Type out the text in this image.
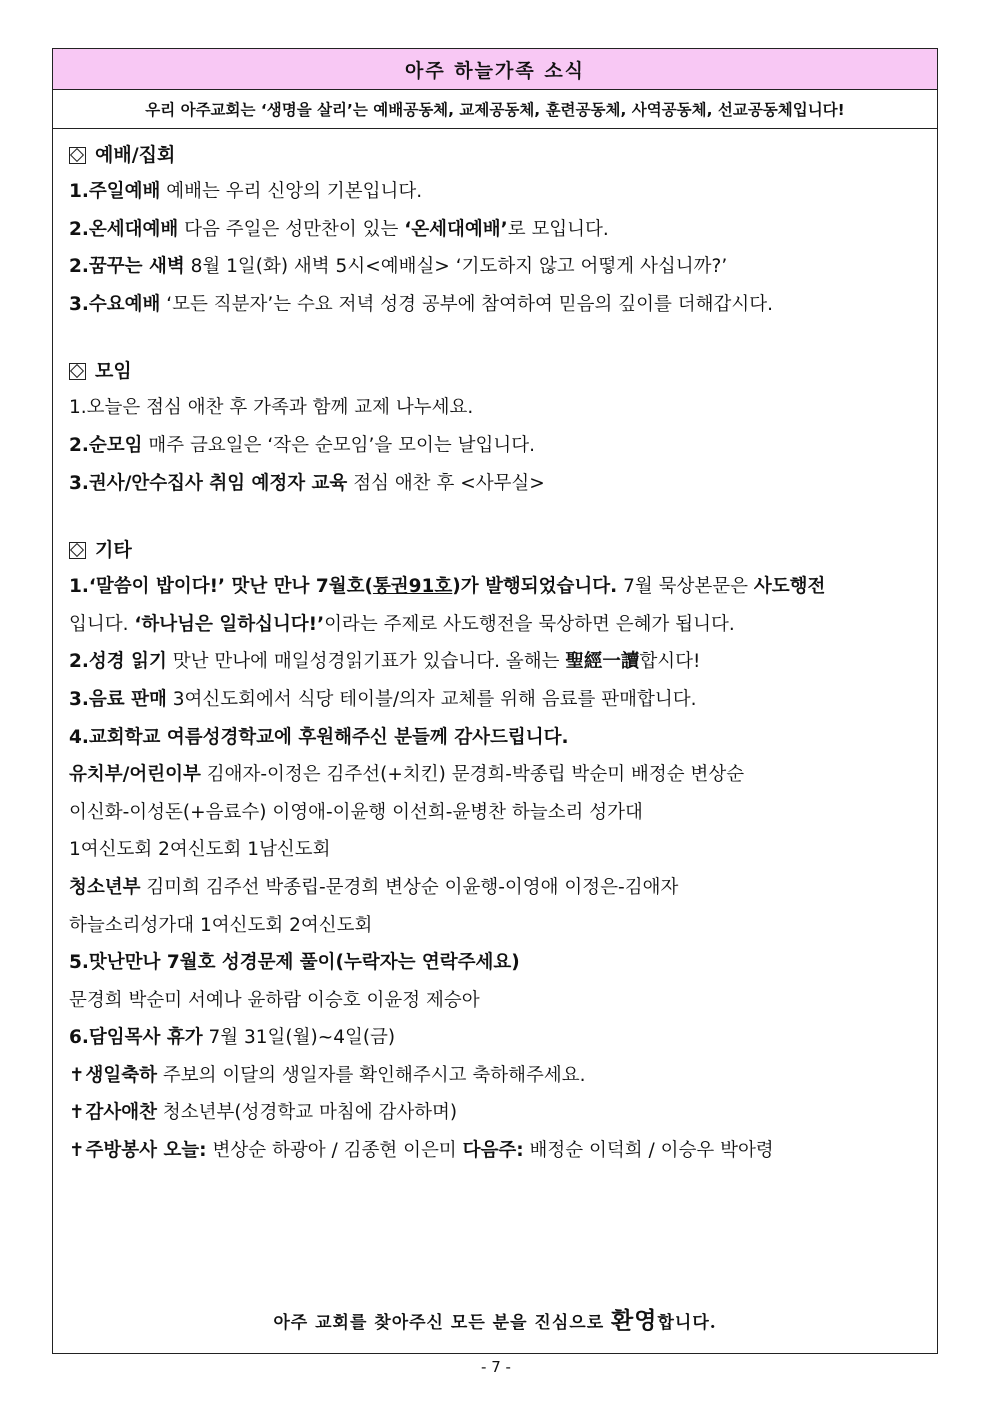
아주 하늘가족 소식
우리 아주교회는 ‘생명을 살리’는 예배공동체, 교제공동체, 훈련공동체, 사역공동체, 선교공동체입니다!
예배/집회
1.주일예배 예배는 우리 신앙의 기본입니다.
2.온세대예배 다음 주일은 성만찬이 있는 ‘온세대예배’로 모입니다.
2.꿈꾸는 새벽 8월 1일(화) 새벽 5시<예배실> ‘기도하지 않고 어떻게 사십니까?’
3.수요예배 ‘모든 직분자’는 수요 저녁 성경 공부에 참여하여 믿음의 깊이를 더해갑시다.
모임
1.오늘은 점심 애찬 후 가족과 함께 교제 나누세요.
2.순모임 매주 금요일은 ‘작은 순모임’을 모이는 날입니다.
3.권사/안수집사 취임 예정자 교육 점심 애찬 후 <사무실>
기타
1.‘말씀이 밥이다!’ 맛난 만나 7월호(통권91호)가 발행되었습니다. 7월 묵상본문은 사도행전
입니다. ‘하나님은 일하십니다!’이라는 주제로 사도행전을 묵상하면 은혜가 됩니다.
2.성경 읽기 맛난 만나에 매일성경읽기표가 있습니다. 올해는 聖經一讀합시다!
3.음료 판매 3여신도회에서 식당 테이블/의자 교체를 위해 음료를 판매합니다.
4.교회학교 여름성경학교에 후원해주신 분들께 감사드립니다.
유치부/어린이부 김애자-이정은 김주선(+치킨) 문경희-박종립 박순미 배정순 변상순
이신화-이성돈(+음료수) 이영애-이윤행 이선희-윤병찬 하늘소리 성가대
1여신도회 2여신도회 1남신도회
청소년부 김미희 김주선 박종립-문경희 변상순 이윤행-이영애 이정은-김애자
하늘소리성가대 1여신도회 2여신도회
5.맛난만나 7월호 성경문제 풀이(누락자는 연락주세요)
문경희 박순미 서예나 윤하람 이승호 이윤정 제승아
6.담임목사 휴가 7월 31일(월)~4일(금)
✝생일축하 주보의 이달의 생일자를 확인해주시고 축하해주세요.
✝감사애찬 청소년부(성경학교 마침에 감사하며)
✝주방봉사 오늘: 변상순 하광아 / 김종현 이은미 다음주: 배정순 이덕희 / 이승우 박아령
아주 교회를 찾아주신 모든 분을 진심으로 환영합니다.
- 7 -
